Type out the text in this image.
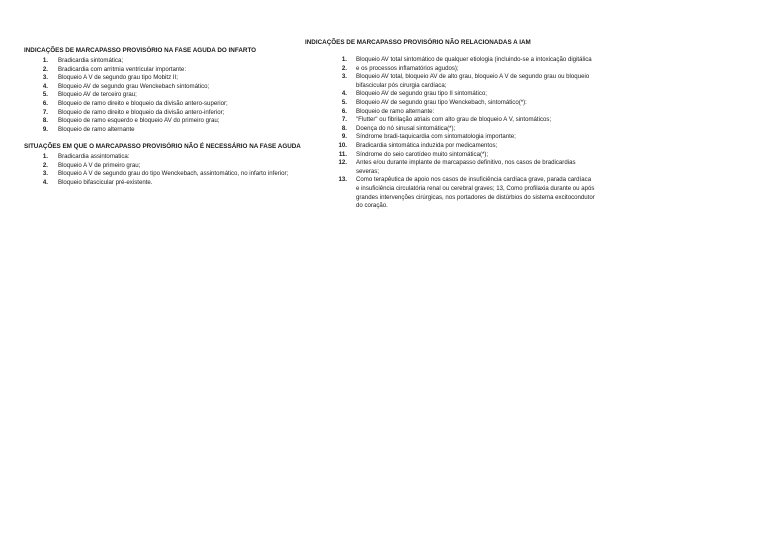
INDICAÇÕES DE MARCAPASSO PROVISÓRIO NA FASE AGUDA DO INFARTO
1. Bradicardia sintomática;
2. Bradicardia com arritmia ventricular importante:
3. Bloqueio A V de segundo grau tipo Mobitz II;
4. Bloqueio AV de segundo grau Wenckebach sintomático;
5. Bloqueio AV de terceiro grau;
6. Bloqueio de ramo direito e bloqueio da divisão antero-superior;
7. Bloqueio de ramo direito e bloqueio da divisão antero-inferior;
8. Bloqueio de ramo esquerdo e bloqueio AV do primeiro grau;
9. Bloqueio de ramo alternante
SITUAÇÕES EM QUE O MARCAPASSO PROVISÓRIO NÃO É NECESSÁRIO NA FASE AGUDA
1. Bradicardia assintomatica:
2. Bloqueio A V de primeiro grau;
3. Bloqueio A V de segundo grau do tipo Wenckebach, assintomático, no infarto inferior;
4. Bloqueio bifascicular pré-existente.
INDICAÇÕES DE MARCAPASSO PROVISÓRIO NÃO RELACIONADAS A IAM
1. Bloqueio AV total sintomático de qualquer etiologia (incluindo-se a intoxicação digitálica
2. e os processos inflamatórios agudos);
3. Bloqueio AV total, bloqueio AV de alto grau, bloqueio A V de segundo grau ou bloqueio bifascicular pós cirurgia cardíaca;
4. Bloqueio AV de segundo grau tipo II sintomático;
5. Bloqueio AV de segundo grau tipo Wenckebach, sintomático(*):
6. Bloqueio de ramo alternante:
7. "Flutter" ou fibrilação atriais com alto grau de bloqueio A V, sintomáticos;
8. Doença do nó sinusal sintomática(*);
9. Síndrome bradi-taquicardia com sintomatologia importante;
10. Bradicardia sintomática induzida por medicamentos;
11. Síndrome do seio carotídeo muito sintomática(*);
12. Antes e/ou durante implante de marcapasso definitivo, nos casos de bradicardias severas;
13. Como terapêutica de apoio nos casos de insuficiência cardíaca grave, parada cardíaca e insuficiência circulatória renal ou cerebral graves; 13, Como profilaxia durante ou após grandes intervenções cirúrgicas, nos portadores de distúrbios do sistema excitocondutor do coração.
